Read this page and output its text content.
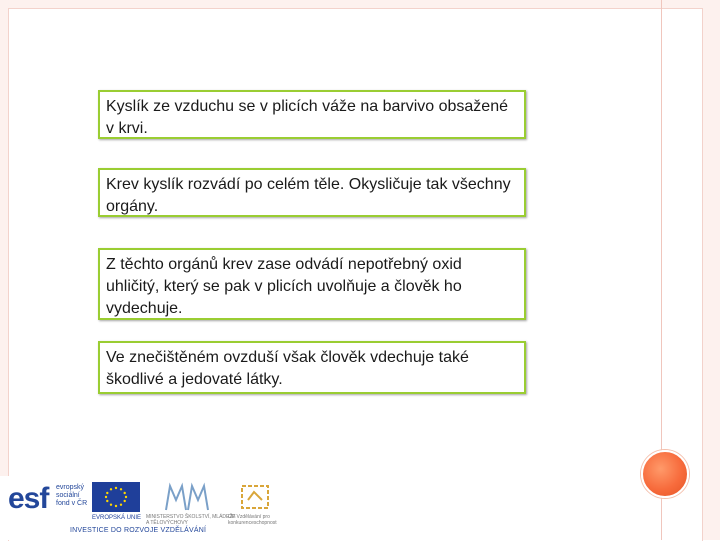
Kyslík ze vzduchu se v plicích váže na barvivo obsažené v krvi.
Krev kyslík rozvádí po celém těle. Okysličuje tak všechny orgány.
Z těchto orgánů krev zase odvádí nepotřebný oxid uhličitý, který se pak v plicích uvolňuje a člověk ho vydechuje.
Ve znečištěném ovzduší však člověk vdechuje také škodlivé a jedovaté látky.
esf evropský sociální fond v ČR
EVROPSKÁ UNIE MINISTERSTVO ŠKOLSTVÍ, MLÁDEŽE A TĚLOVÝCHOVY
OP Vzdělávání pro konkurenceschopnost
INVESTICE DO ROZVOJE VZDĚLÁVÁNÍ
